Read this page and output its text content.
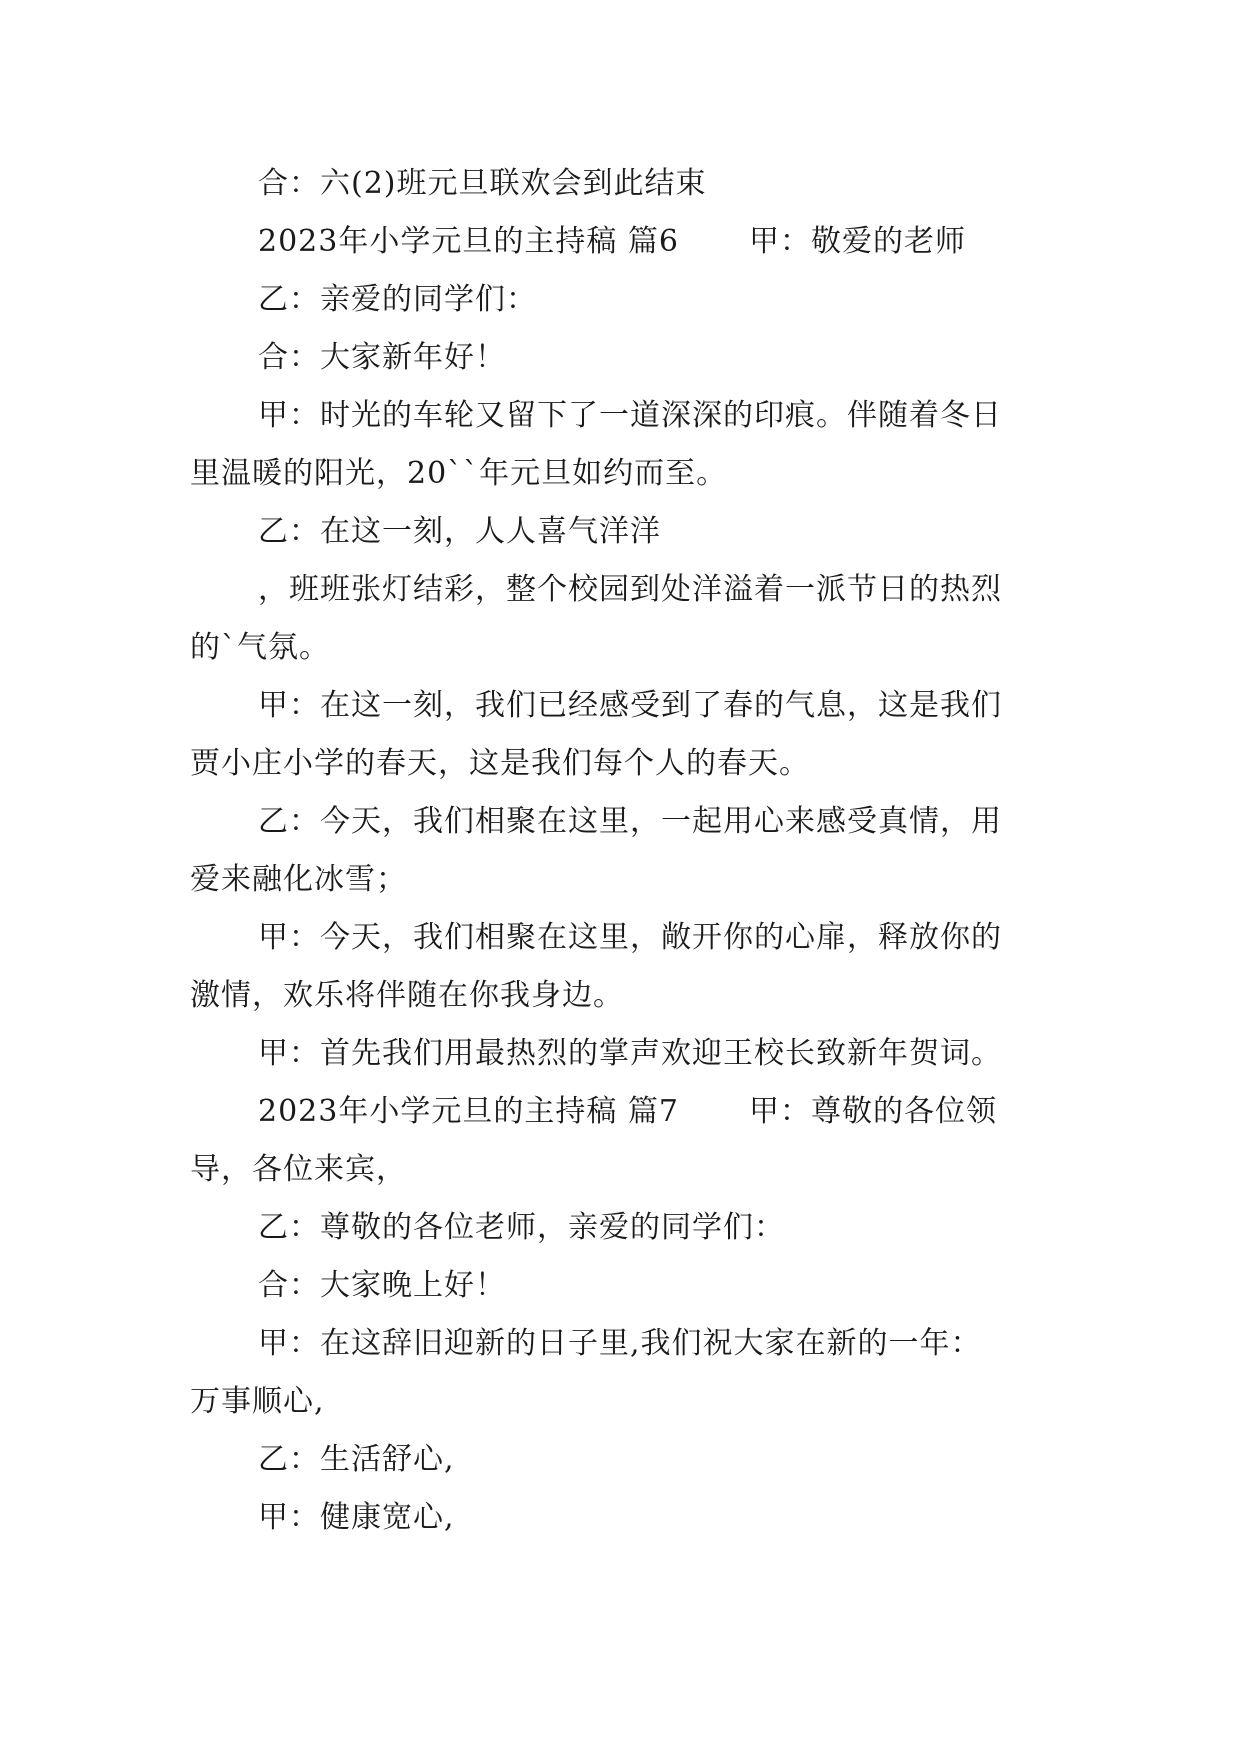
合：六(2)班元旦联欢会到此结束
2023年小学元旦的主持稿 篇6 甲：敬爱的老师
乙：亲爱的同学们：
合：大家新年好！
甲：时光的车轮又留下了一道深深的印痕。伴随着冬日
里温暖的阳光，20``年元旦如约而至。
乙：在这一刻，人人喜气洋洋
，班班张灯结彩，整个校园到处洋溢着一派节日的热烈
的`气氛。
甲：在这一刻，我们已经感受到了春的气息，这是我们
贾小庄小学的春天，这是我们每个人的春天。
乙：今天，我们相聚在这里，一起用心来感受真情，用
爱来融化冰雪；
甲：今天，我们相聚在这里，敞开你的心扉，释放你的
激情，欢乐将伴随在你我身边。
甲：首先我们用最热烈的掌声欢迎王校长致新年贺词。
2023年小学元旦的主持稿 篇7 甲：尊敬的各位领
导，各位来宾，
乙：尊敬的各位老师，亲爱的同学们：
合：大家晚上好！
甲：在这辞旧迎新的日子里,我们祝大家在新的一年：
万事顺心,
乙：生活舒心,
甲：健康宽心,
